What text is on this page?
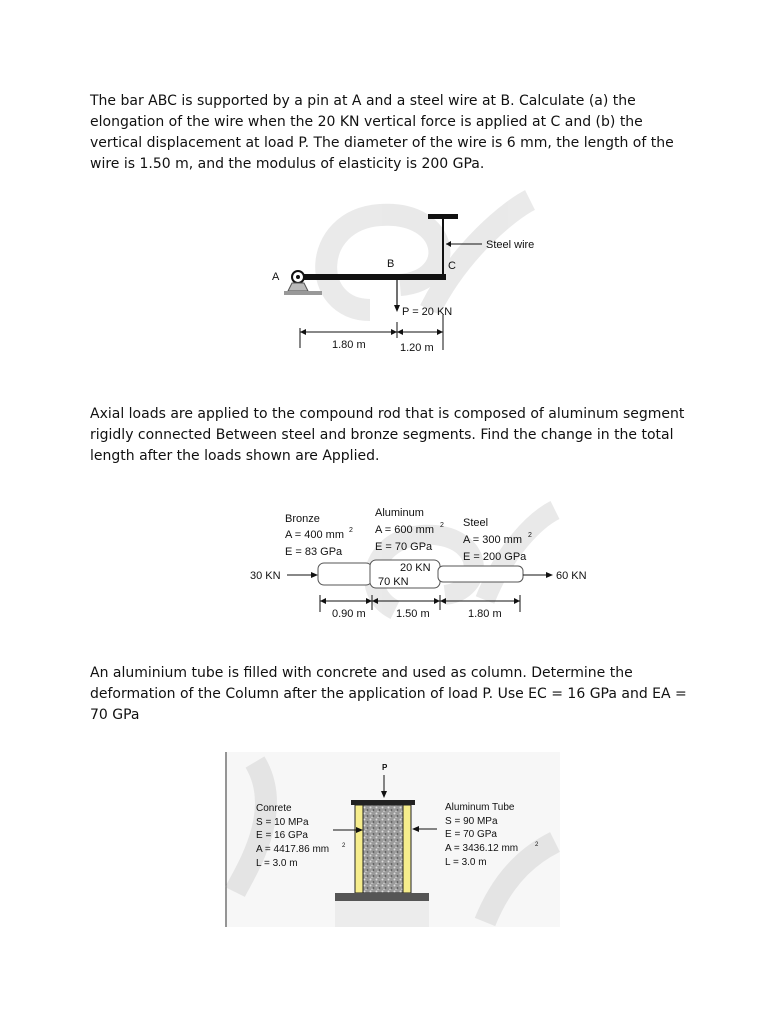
The bar ABC is supported by a pin at A and a steel wire at B. Calculate (a) the elongation of the wire when the 20 KN vertical force is applied at C and (b) the vertical displacement at load P. The diameter of the wire is 6 mm, the length of the wire is 1.50 m, and the modulus of elasticity is 200 GPa.
Steel wire
A
B	C
P = 20 KN
1.80 m	1.20 m
Axial loads are applied to the compound rod that is composed of aluminum segment rigidly connected Between steel and bronze segments. Find the change in the total length after the loads shown are Applied.
Bronze
A = 400 mm 2
E = 83 GPa
Aluminum
A = 600 mm 2
E = 70 GPa
Steel
A = 300 mm 2
E = 200 GPa
30 KN	60 KN
20 KN
70 KN
0.90 m	1.50 m	1.80 m
An aluminium tube is filled with concrete and used as column. Determine the deformation of the Column after the application of load P. Use EC = 16 GPa and EA = 70 GPa
P
Conrete
S = 10 MPa
E = 16 GPa
A = 4417.86 mm 2
L = 3.0 m
Aluminum Tube
S = 90 MPa
E = 70 GPa
A = 3436.12 mm	2
L = 3.0 m
